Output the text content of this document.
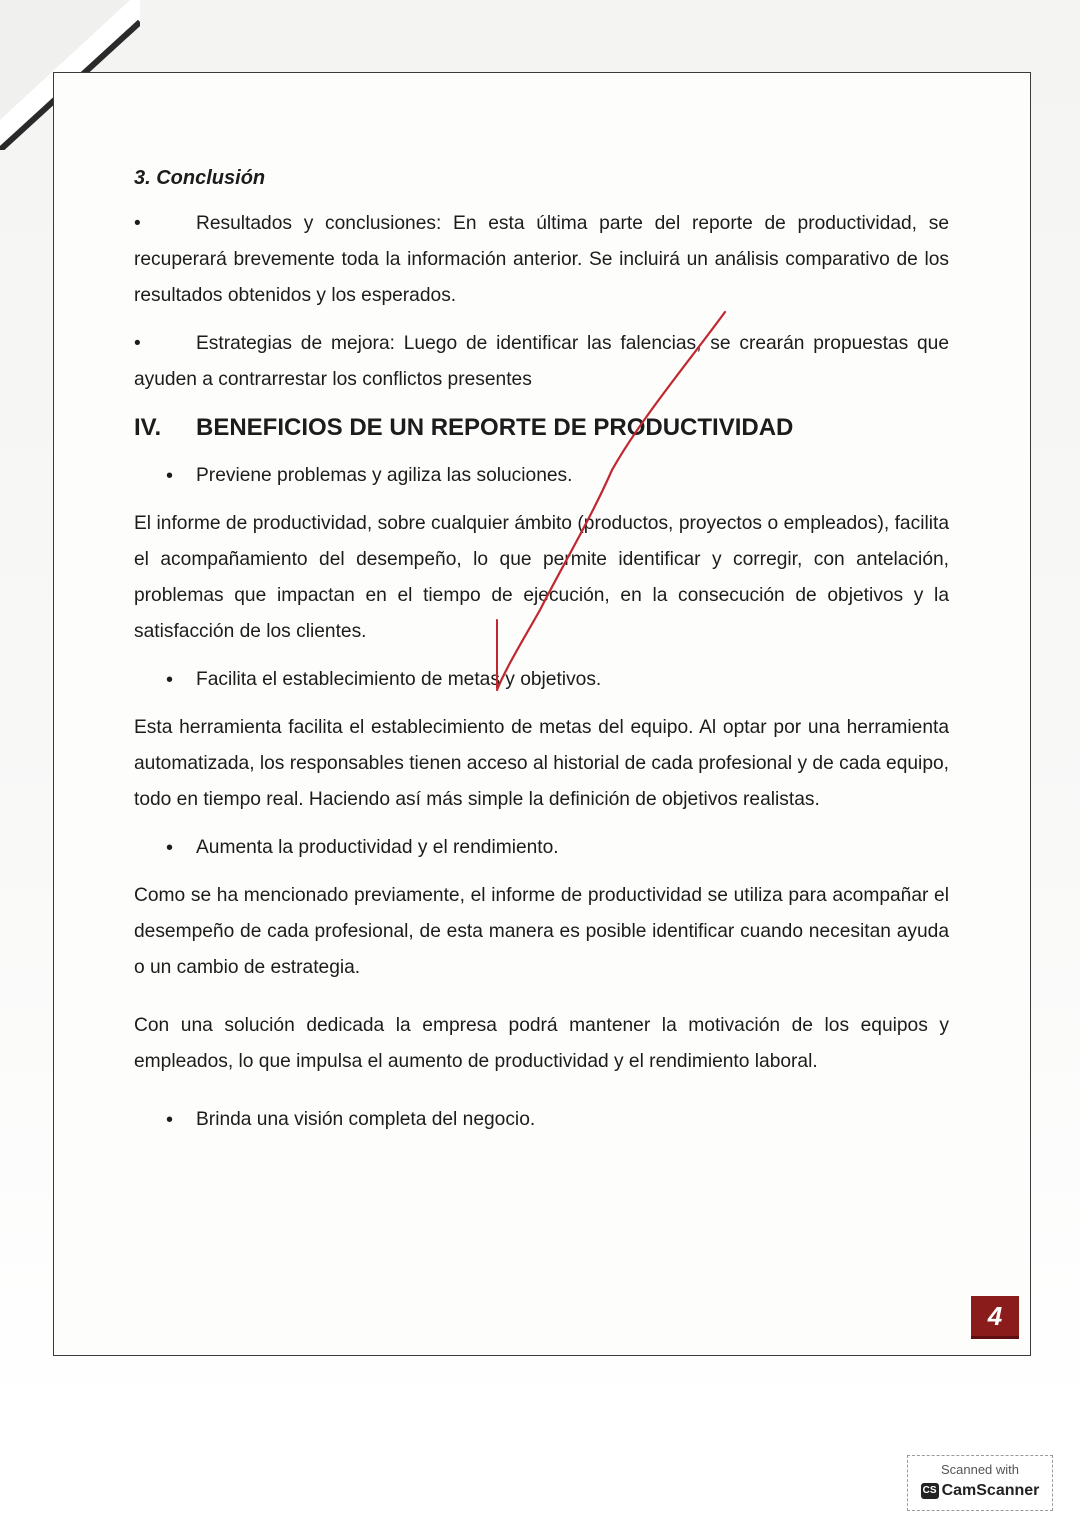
3. Conclusión
•	Resultados y conclusiones: En esta última parte del reporte de productividad, se recuperará brevemente toda la información anterior. Se incluirá un análisis comparativo de los resultados obtenidos y los esperados.
•	Estrategias de mejora: Luego de identificar las falencias, se crearán propuestas que ayuden a contrarrestar los conflictos presentes
IV. BENEFICIOS DE UN REPORTE DE PRODUCTIVIDAD
• Previene problemas y agiliza las soluciones.
El informe de productividad, sobre cualquier ámbito (productos, proyectos o empleados), facilita el acompañamiento del desempeño, lo que permite identificar y corregir, con antelación, problemas que impactan en el tiempo de ejecución, en la consecución de objetivos y la satisfacción de los clientes.
• Facilita el establecimiento de metas y objetivos.
Esta herramienta facilita el establecimiento de metas del equipo. Al optar por una herramienta automatizada, los responsables tienen acceso al historial de cada profesional y de cada equipo, todo en tiempo real. Haciendo así más simple la definición de objetivos realistas.
• Aumenta la productividad y el rendimiento.
Como se ha mencionado previamente, el informe de productividad se utiliza para acompañar el desempeño de cada profesional, de esta manera es posible identificar cuando necesitan ayuda o un cambio de estrategia.
Con una solución dedicada la empresa podrá mantener la motivación de los equipos y empleados, lo que impulsa el aumento de productividad y el rendimiento laboral.
• Brinda una visión completa del negocio.
4
Scanned with
CS CamScanner
